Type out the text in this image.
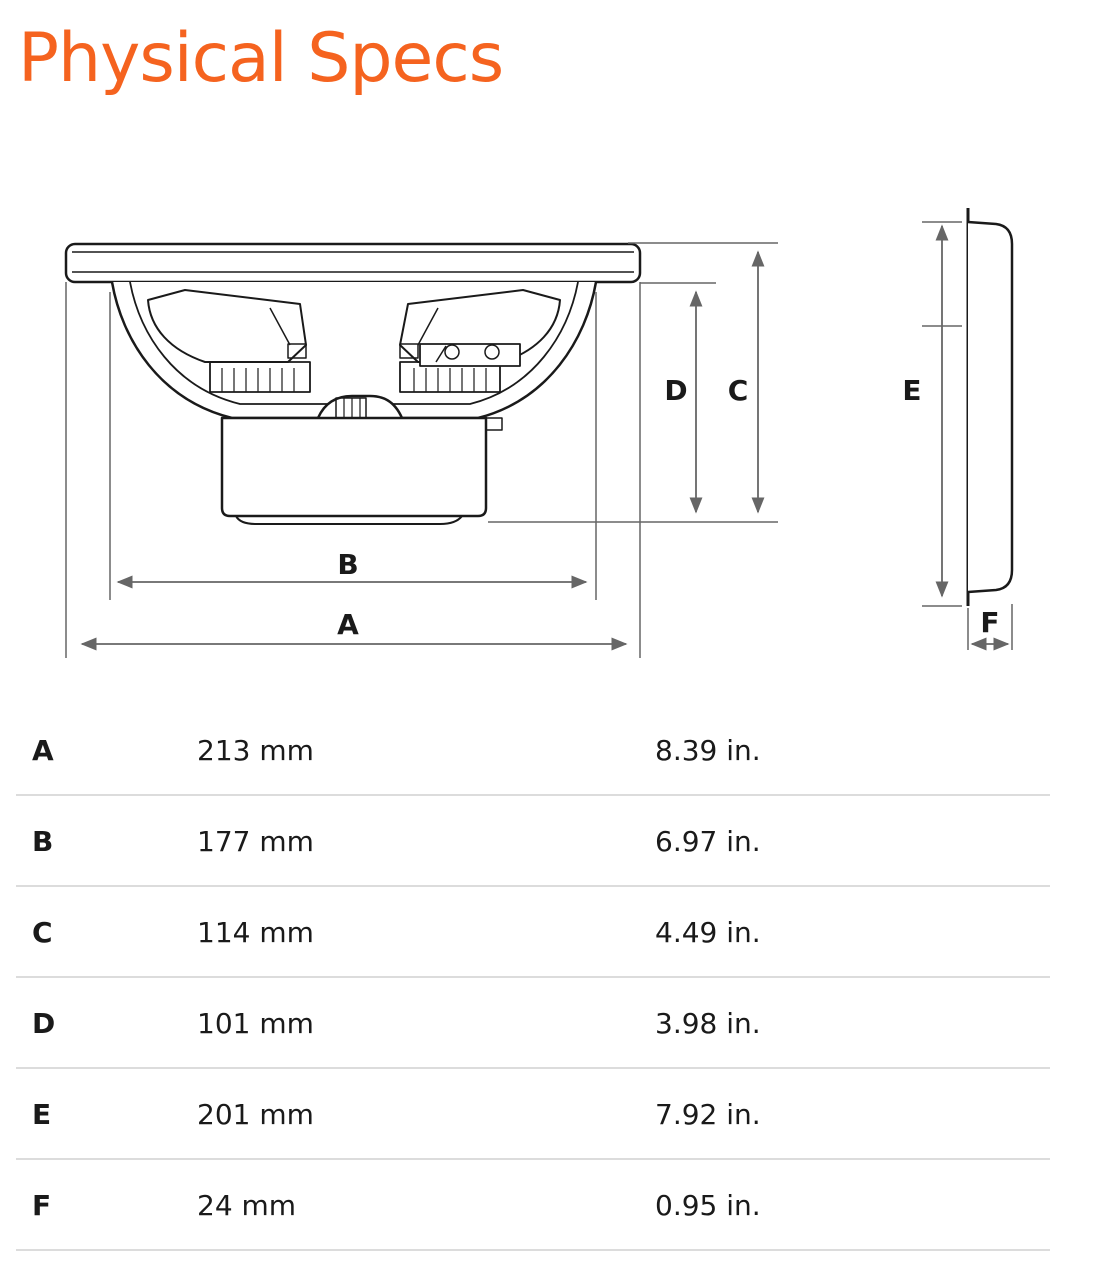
Physical Specs
A
B
D C	E
F
A	213 mm	8.39 in.
B	177 mm	6.97 in.
C	114 mm	4.49 in.
D	101 mm	3.98 in.
E	201 mm	7.92 in.
F	24 mm	0.95 in.
